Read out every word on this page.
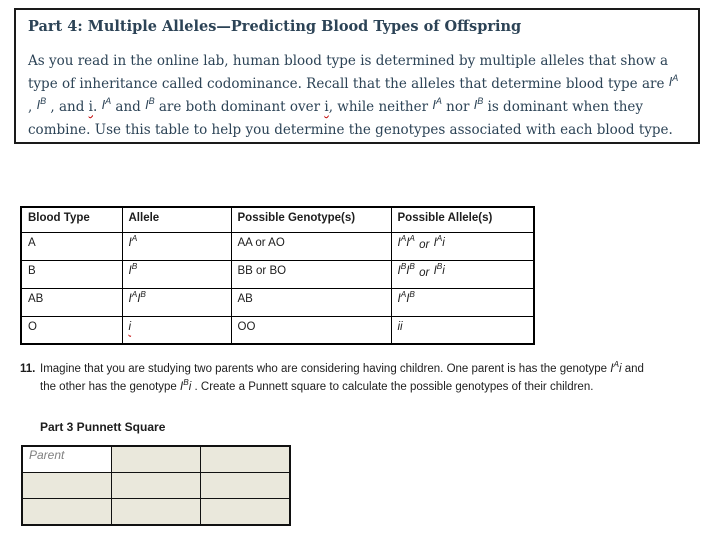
Part 4: Multiple Alleles—Predicting Blood Types of Offspring

As you read in the online lab, human blood type is determined by multiple alleles that show a type of inheritance called codominance. Recall that the alleles that determine blood type are $I^A$ , $I^B$ , and i. $I^A$ and $I^B$ are both dominant over i, while neither $I^A$ nor $I^B$ is dominant when they combine. Use this table to help you determine the genotypes associated with each blood type.

Blood Type	Allele	Possible Genotype(s)	Possible Allele(s)
A	$I^A$	AA or AO	$I^AI^A$ or $I^Ai$
B	$I^B$	BB or BO	$I^BI^B$ or $I^Bi$
AB	$I^AI^B$	AB	$I^AI^B$
O	i	OO	ii
11. Imagine that you are studying two parents who are considering having children. One parent is has the genotype $I^Ai$ and the other has the genotype $I^Bi$ . Create a Punnett square to calculate the possible genotypes of their children.
Part 3 Punnett Square
Parent		
